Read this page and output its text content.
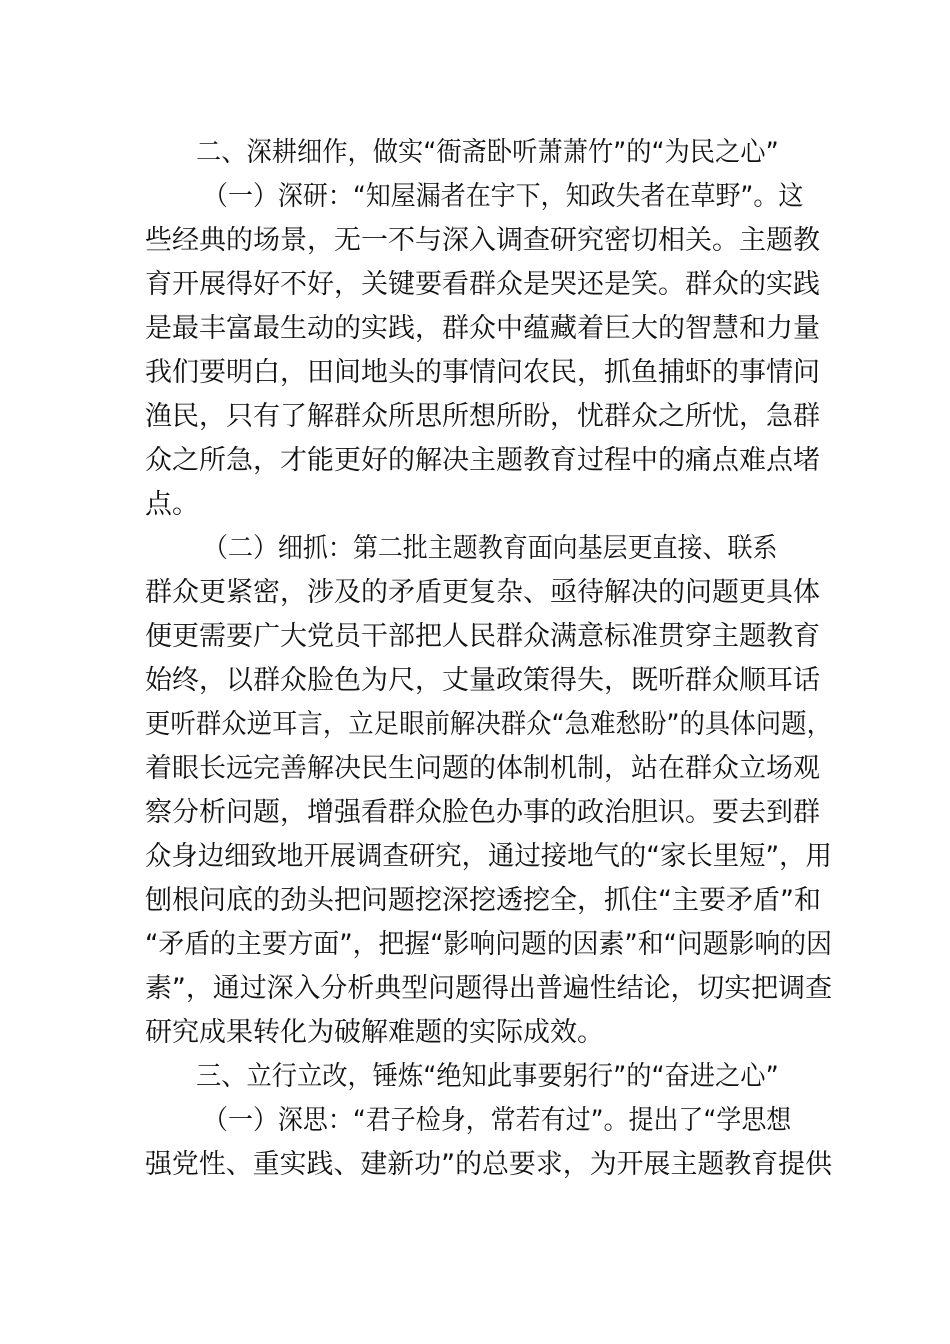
二、深耕细作，做实“衙斋卧听萧萧竹”的“为民之心”
（一）深研：“知屋漏者在宇下，知政失者在草野”。这
些经典的场景，无一不与深入调查研究密切相关。主题教
育开展得好不好，关键要看群众是哭还是笑。群众的实践
是最丰富最生动的实践，群众中蕴藏着巨大的智慧和力量
我们要明白，田间地头的事情问农民，抓鱼捕虾的事情问
渔民，只有了解群众所思所想所盼，忧群众之所忧，急群
众之所急，才能更好的解决主题教育过程中的痛点难点堵
点。
（二）细抓：第二批主题教育面向基层更直接、联系
群众更紧密，涉及的矛盾更复杂、亟待解决的问题更具体
便更需要广大党员干部把人民群众满意标准贯穿主题教育
始终，以群众脸色为尺，丈量政策得失，既听群众顺耳话
更听群众逆耳言，立足眼前解决群众“急难愁盼”的具体问题，
着眼长远完善解决民生问题的体制机制，站在群众立场观
察分析问题，增强看群众脸色办事的政治胆识。要去到群
众身边细致地开展调查研究，通过接地气的“家长里短”，用
刨根问底的劲头把问题挖深挖透挖全，抓住“主要矛盾”和
“矛盾的主要方面”，把握“影响问题的因素”和“问题影响的因
素”，通过深入分析典型问题得出普遍性结论，切实把调查
研究成果转化为破解难题的实际成效。
三、立行立改，锤炼“绝知此事要躬行”的“奋进之心”
（一）深思：“君子检身，常若有过”。提出了“学思想
强党性、重实践、建新功”的总要求，为开展主题教育提供
